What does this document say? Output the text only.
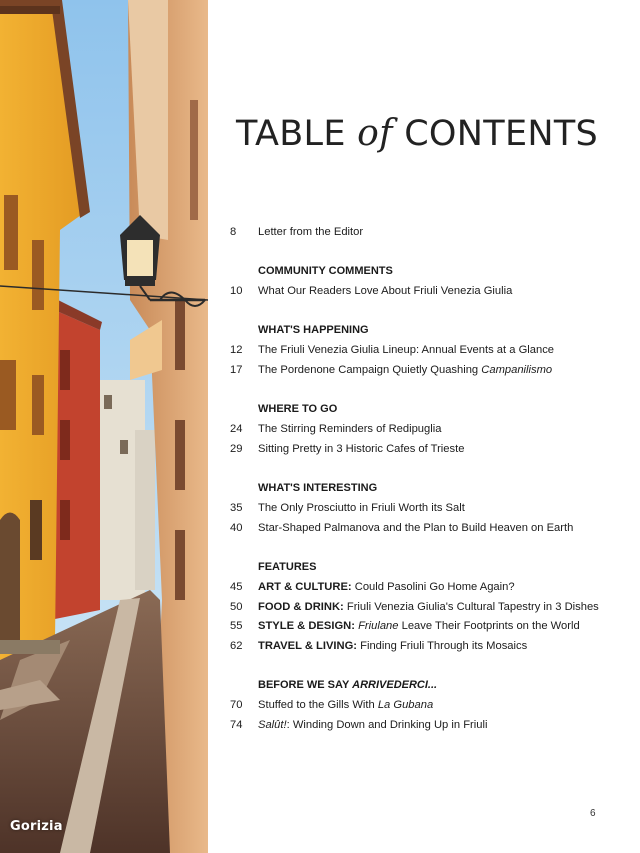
Gorizia
TABLE of CONTENTS
8	Letter from the Editor
COMMUNITY COMMENTS
10	What Our Readers Love About Friuli Venezia Giulia
WHAT'S HAPPENING
12	The Friuli Venezia Giulia Lineup: Annual Events at a Glance
17	The Pordenone Campaign Quietly Quashing Campanilismo
WHERE TO GO
24	The Stirring Reminders of Redipuglia
29	Sitting Pretty in 3 Historic Cafes of Trieste
WHAT'S INTERESTING
35	The Only Prosciutto in Friuli Worth its Salt
40	Star-Shaped Palmanova and the Plan to Build Heaven on Earth
FEATURES
45	ART & CULTURE: Could Pasolini Go Home Again?
50	FOOD & DRINK: Friuli Venezia Giulia's Cultural Tapestry in 3 Dishes
55	STYLE & DESIGN: Friulane Leave Their Footprints on the World
62	TRAVEL & LIVING: Finding Friuli Through its Mosaics
BEFORE WE SAY ARRIVEDERCI...
70	Stuffed to the Gills With La Gubana
74	Salût!: Winding Down and Drinking Up in Friuli
6
